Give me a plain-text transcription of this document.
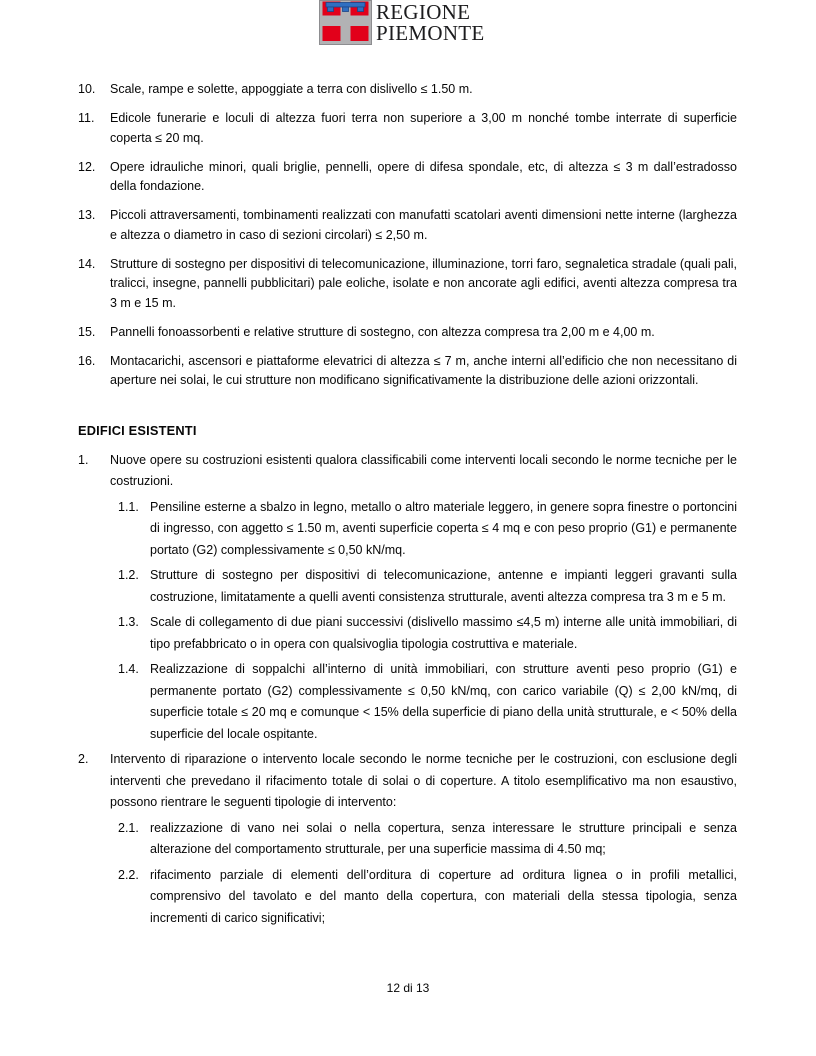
REGIONE
PIEMONTE
10.	Scale, rampe e solette, appoggiate a terra con dislivello ≤ 1.50 m.
11.	Edicole funerarie e loculi di altezza fuori terra non superiore a 3,00 m nonché tombe interrate di superficie coperta ≤ 20 mq.
12.	Opere idrauliche minori, quali briglie, pennelli, opere di difesa spondale, etc, di altezza ≤ 3 m dall’estradosso della fondazione.
13.	Piccoli attraversamenti, tombinamenti realizzati con manufatti scatolari aventi dimensioni nette interne (larghezza e altezza o diametro in caso di sezioni circolari) ≤ 2,50 m.
14.	Strutture di sostegno per dispositivi di telecomunicazione, illuminazione, torri faro, segnaletica stradale (quali pali, tralicci, insegne, pannelli pubblicitari) pale eoliche, isolate e non ancorate agli edifici, aventi altezza compresa tra 3 m e 15 m.
15.	Pannelli fonoassorbenti e relative strutture di sostegno, con altezza compresa tra 2,00 m e 4,00 m.
16.	Montacarichi, ascensori e piattaforme elevatrici di altezza ≤ 7 m, anche interni all’edificio che non necessitano di aperture nei solai, le cui strutture non modificano significativamente la distribuzione delle azioni orizzontali.
EDIFICI ESISTENTI
1.	Nuove opere su costruzioni esistenti qualora classificabili come interventi locali secondo le norme tecniche per le costruzioni.
1.1. Pensiline esterne a sbalzo in legno, metallo o altro materiale leggero, in genere sopra finestre o portoncini di ingresso, con aggetto ≤ 1.50 m, aventi superficie coperta ≤ 4 mq e con peso proprio (G1) e permanente portato (G2) complessivamente ≤ 0,50 kN/mq.
1.2. Strutture di sostegno per dispositivi di telecomunicazione, antenne e impianti leggeri gravanti sulla costruzione, limitatamente a quelli aventi consistenza strutturale, aventi altezza compresa tra 3 m e 5 m.
1.3. Scale di collegamento di due piani successivi (dislivello massimo ≤4,5 m) interne alle unità immobiliari, di tipo prefabbricato o in opera con qualsivoglia tipologia costruttiva e materiale.
1.4. Realizzazione di soppalchi all’interno di unità immobiliari, con strutture aventi peso proprio (G1) e permanente portato (G2) complessivamente ≤ 0,50 kN/mq, con carico variabile (Q) ≤ 2,00 kN/mq, di superficie totale ≤ 20 mq e comunque < 15% della superficie di piano della unità strutturale, e < 50% della superficie del locale ospitante.
2.	Intervento di riparazione o intervento locale secondo le norme tecniche per le costruzioni, con esclusione degli interventi che prevedano il rifacimento totale di solai o di coperture. A titolo esemplificativo ma non esaustivo, possono rientrare le seguenti tipologie di intervento:
2.1. realizzazione di vano nei solai o nella copertura, senza interessare le strutture principali e senza alterazione del comportamento strutturale, per una superficie massima di 4.50 mq;
2.2. rifacimento parziale di elementi dell’orditura di coperture ad orditura lignea o in profili metallici, comprensivo del tavolato e del manto della copertura, con materiali della stessa tipologia, senza incrementi di carico significativi;
12 di 13
